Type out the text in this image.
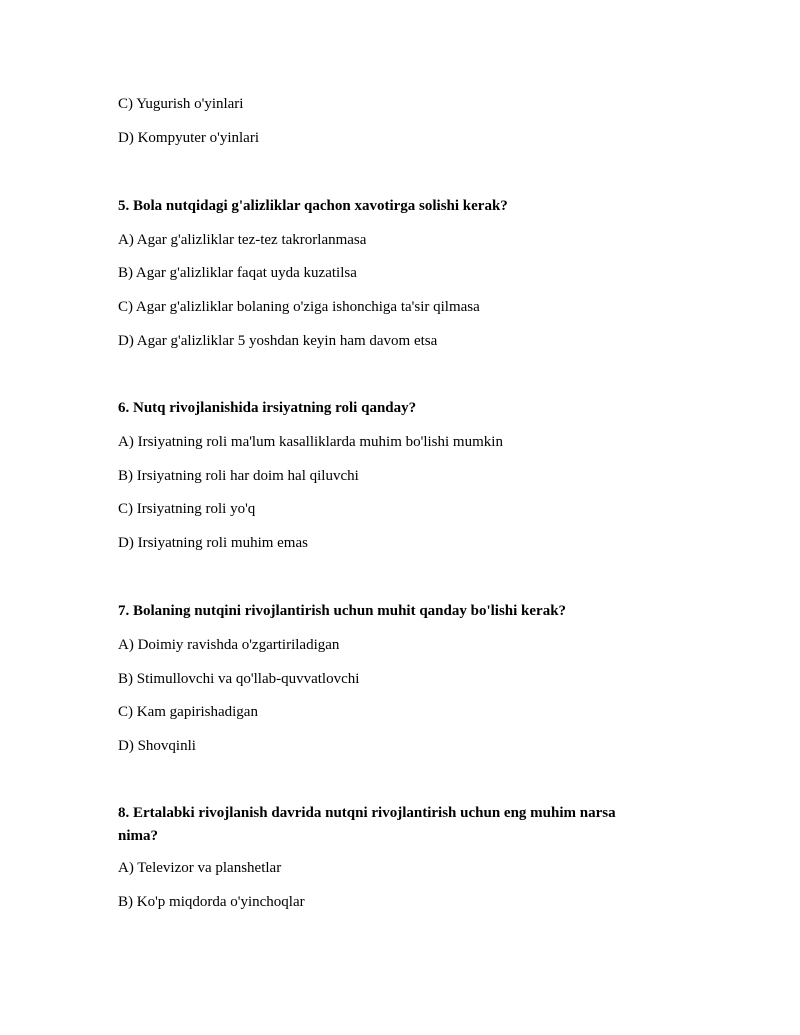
C) Yugurish o'yinlari
D) Kompyuter o'yinlari
5. Bola nutqidagi g'alizliklar qachon xavotirga solishi kerak?
A) Agar g'alizliklar tez-tez takrorlanmasa
B) Agar g'alizliklar faqat uyda kuzatilsa
C) Agar g'alizliklar bolaning o'ziga ishonchiga ta'sir qilmasa
D) Agar g'alizliklar 5 yoshdan keyin ham davom etsa
6. Nutq rivojlanishida irsiyatning roli qanday?
A) Irsiyatning roli ma'lum kasalliklarda muhim bo'lishi mumkin
B) Irsiyatning roli har doim hal qiluvchi
C) Irsiyatning roli yo'q
D) Irsiyatning roli muhim emas
7. Bolaning nutqini rivojlantirish uchun muhit qanday bo'lishi kerak?
A) Doimiy ravishda o'zgartiriladigan
B) Stimullovchi va qo'llab-quvvatlovchi
C) Kam gapirishadigan
D) Shovqinli
8. Ertalabki rivojlanish davrida nutqni rivojlantirish uchun eng muhim narsa nima?
A) Televizor va planshetlar
B) Ko'p miqdorda o'yinchoqlar
